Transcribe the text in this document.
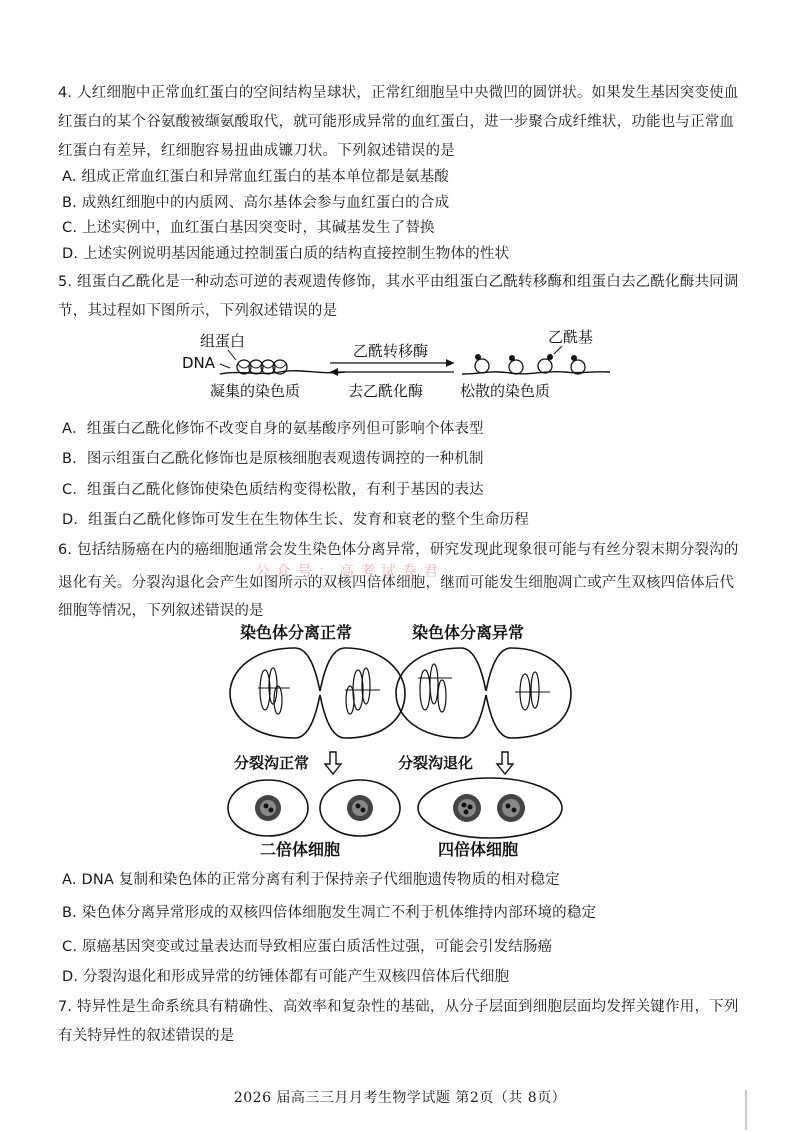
4. 人红细胞中正常血红蛋白的空间结构呈球状，正常红细胞呈中央微凹的圆饼状。如果发生基因突变使血
红蛋白的某个谷氨酸被缬氨酸取代，就可能形成异常的血红蛋白，进一步聚合成纤维状，功能也与正常血
红蛋白有差异，红细胞容易扭曲成镰刀状。下列叙述错误的是
A. 组成正常血红蛋白和异常血红蛋白的基本单位都是氨基酸
B. 成熟红细胞中的内质网、高尔基体会参与血红蛋白的合成
C. 上述实例中，血红蛋白基因突变时，其碱基发生了替换
D. 上述实例说明基因能通过控制蛋白质的结构直接控制生物体的性状
5. 组蛋白乙酰化是一种动态可逆的表观遗传修饰，其水平由组蛋白乙酰转移酶和组蛋白去乙酰化酶共同调
节，其过程如下图所示，下列叙述错误的是
组蛋白
DNA
凝集的染色质
乙酰转移酶
去乙酰化酶
乙酰基
松散的染色质
A．组蛋白乙酰化修饰不改变自身的氨基酸序列但可影响个体表型
B．图示组蛋白乙酰化修饰也是原核细胞表观遗传调控的一种机制
C．组蛋白乙酰化修饰使染色质结构变得松散，有利于基因的表达
D．组蛋白乙酰化修饰可发生在生物体生长、发育和衰老的整个生命历程
6. 包括结肠癌在内的癌细胞通常会发生染色体分离异常，研究发现此现象很可能与有丝分裂末期分裂沟的
退化有关。分裂沟退化会产生如图所示的双核四倍体细胞，继而可能发生细胞凋亡或产生双核四倍体后代
细胞等情况，下列叙述错误的是
公众号：高考试卷君
染色体分离正常	染色体分离异常
分裂沟正常	分裂沟退化
二倍体细胞	四倍体细胞
A. DNA 复制和染色体的正常分离有利于保持亲子代细胞遗传物质的相对稳定
B. 染色体分离异常形成的双核四倍体细胞发生凋亡不利于机体维持内部环境的稳定
C. 原癌基因突变或过量表达而导致相应蛋白质活性过强，可能会引发结肠癌
D. 分裂沟退化和形成异常的纺锤体都有可能产生双核四倍体后代细胞
7. 特异性是生命系统具有精确性、高效率和复杂性的基础，从分子层面到细胞层面均发挥关键作用，下列
有关特异性的叙述错误的是
2026 届高三三月月考生物学试题 第2页（共 8页）
